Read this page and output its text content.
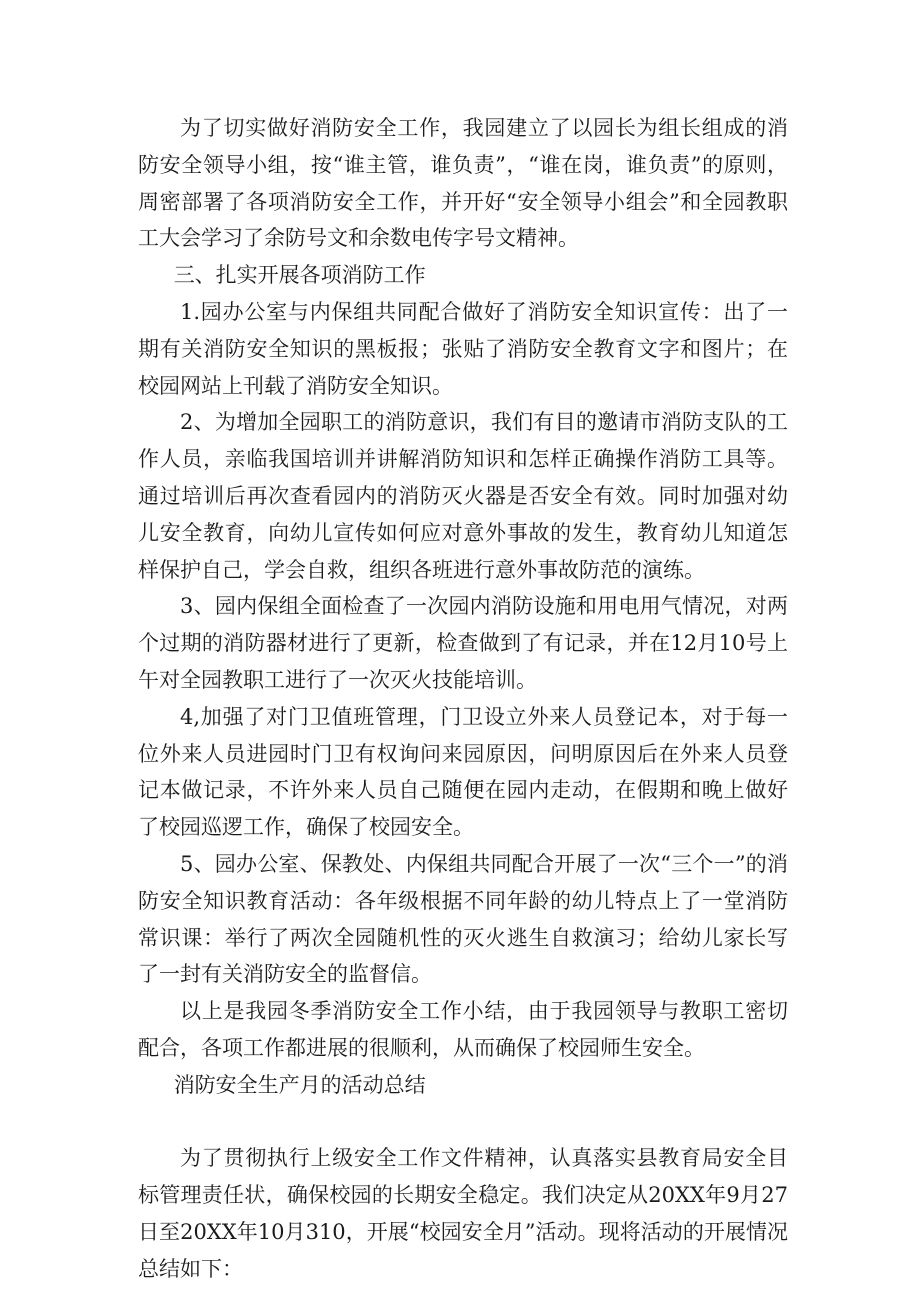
为了切实做好消防安全工作，我园建立了以园长为组长组成的消防安全领导小组，按“谁主管，谁负责”，“谁在岗，谁负责”的原则，周密部署了各项消防安全工作，并开好“安全领导小组会”和全园教职工大会学习了余防号文和余数电传字号文精神。

三、扎实开展各项消防工作

1.园办公室与内保组共同配合做好了消防安全知识宣传：出了一期有关消防安全知识的黑板报；张贴了消防安全教育文字和图片；在校园网站上刊载了消防安全知识。

2、为增加全园职工的消防意识，我们有目的邀请市消防支队的工作人员，亲临我国培训并讲解消防知识和怎样正确操作消防工具等。通过培训后再次查看园内的消防灭火器是否安全有效。同时加强对幼儿安全教育，向幼儿宣传如何应对意外事故的发生，教育幼儿知道怎样保护自己，学会自救，组织各班进行意外事故防范的演练。

3、园内保组全面检查了一次园内消防设施和用电用气情况，对两个过期的消防器材进行了更新，检查做到了有记录，并在12月10号上午对全园教职工进行了一次灭火技能培训。

4,加强了对门卫值班管理，门卫设立外来人员登记本，对于每一位外来人员进园时门卫有权询问来园原因，问明原因后在外来人员登记本做记录，不许外来人员自己随便在园内走动，在假期和晚上做好了校园巡逻工作，确保了校园安全。

5、园办公室、保教处、内保组共同配合开展了一次“三个一”的消防安全知识教育活动：各年级根据不同年龄的幼儿特点上了一堂消防常识课：举行了两次全园随机性的灭火逃生自救演习；给幼儿家长写了一封有关消防安全的监督信。

以上是我园冬季消防安全工作小结，由于我园领导与教职工密切配合，各项工作都进展的很顺利，从而确保了校园师生安全。

消防安全生产月的活动总结

为了贯彻执行上级安全工作文件精神，认真落实县教育局安全目标管理责任状，确保校园的长期安全稳定。我们决定从20XX年9月27日至20XX年10月310，开展“校园安全月”活动。现将活动的开展情况总结如下：
